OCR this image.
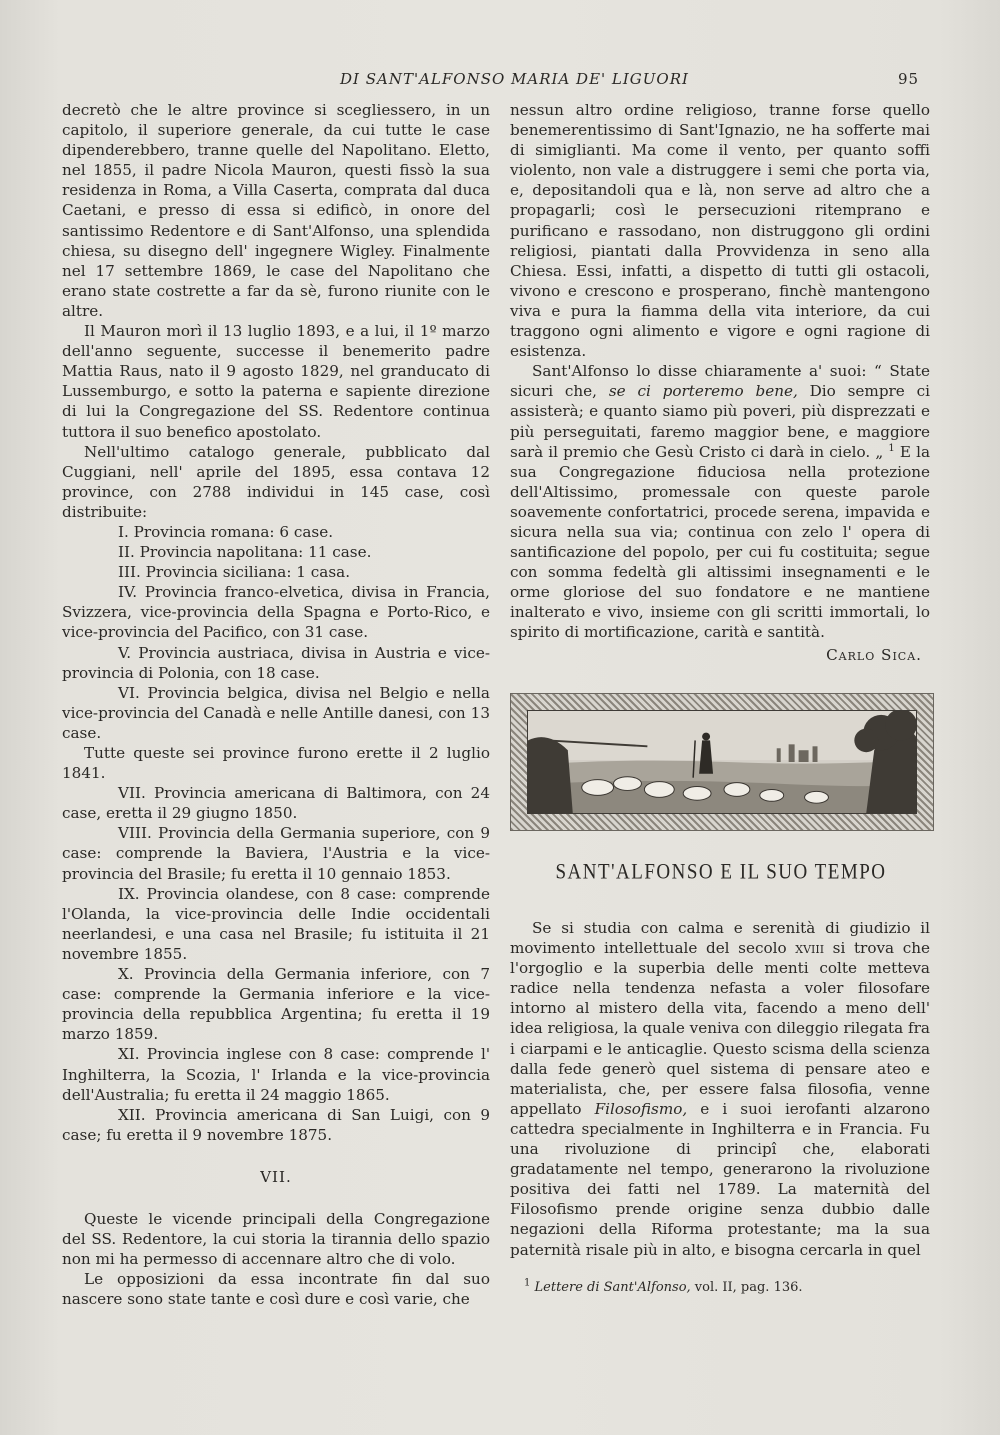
DI SANT'ALFONSO MARIA DE' LIGUORI	95

decretò che le altre province si scegliessero, in un capitolo, il superiore generale, da cui tutte le case dipenderebbero, tranne quelle del Napolitano. Eletto, nel 1855, il padre Nicola Mauron, questi fissò la sua residenza in Roma, a Villa Caserta, comprata dal duca Caetani, e presso di essa si edificò, in onore del santissimo Redentore e di Sant'Alfonso, una splendida chiesa, su disegno dell' ingegnere Wigley. Finalmente nel 17 settembre 1869, le case del Napolitano che erano state costrette a far da sè, furono riunite con le altre.

Il Mauron morì il 13 luglio 1893, e a lui, il 1º marzo dell'anno seguente, successe il benemerito padre Mattia Raus, nato il 9 agosto 1829, nel granducato di Lussemburgo, e sotto la paterna e sapiente direzione di lui la Congregazione del SS. Redentore continua tuttora il suo benefico apostolato.

Nell'ultimo catalogo generale, pubblicato dal Cuggiani, nell' aprile del 1895, essa contava 12 province, con 2788 individui in 145 case, così distribuite:

I. Provincia romana: 6 case.

II. Provincia napolitana: 11 case.

III. Provincia siciliana: 1 casa.

IV. Provincia franco-elvetica, divisa in Francia, Svizzera, vice-provincia della Spagna e Porto-Rico, e vice-provincia del Pacifico, con 31 case.

V. Provincia austriaca, divisa in Austria e vice-provincia di Polonia, con 18 case.

VI. Provincia belgica, divisa nel Belgio e nella vice-provincia del Canadà e nelle Antille danesi, con 13 case.

Tutte queste sei province furono erette il 2 luglio 1841.

VII. Provincia americana di Baltimora, con 24 case, eretta il 29 giugno 1850.

VIII. Provincia della Germania superiore, con 9 case: comprende la Baviera, l'Austria e la vice-provincia del Brasile; fu eretta il 10 gennaio 1853.

IX. Provincia olandese, con 8 case: comprende l'Olanda, la vice-provincia delle Indie occidentali neerlandesi, e una casa nel Brasile; fu istituita il 21 novembre 1855.

X. Provincia della Germania inferiore, con 7 case: comprende la Germania inferiore e la vice-provincia della repubblica Argentina; fu eretta il 19 marzo 1859.

XI. Provincia inglese con 8 case: comprende l' Inghilterra, la Scozia, l' Irlanda e la vice-provincia dell'Australia; fu eretta il 24 maggio 1865.

XII. Provincia americana di San Luigi, con 9 case; fu eretta il 9 novembre 1875.

VII.

Queste le vicende principali della Congregazione del SS. Redentore, la cui storia la tirannia dello spazio non mi ha permesso di accennare altro che di volo.

Le opposizioni da essa incontrate fin dal suo nascere sono state tante e così dure e così varie, che

nessun altro ordine religioso, tranne forse quello benemerentissimo di Sant'Ignazio, ne ha sofferte mai di simiglianti. Ma come il vento, per quanto soffi violento, non vale a distruggere i semi che porta via, e, depositandoli qua e là, non serve ad altro che a propagarli; così le persecuzioni ritemprano e purificano e rassodano, non distruggono gli ordini religiosi, piantati dalla Provvidenza in seno alla Chiesa. Essi, infatti, a dispetto di tutti gli ostacoli, vivono e crescono e prosperano, finchè mantengono viva e pura la fiamma della vita interiore, da cui traggono ogni alimento e vigore e ogni ragione di esistenza.

Sant'Alfonso lo disse chiaramente a' suoi: “ State sicuri che, se ci porteremo bene, Dio sempre ci assisterà; e quanto siamo più poveri, più disprezzati e più perseguitati, faremo maggior bene, e maggiore sarà il premio che Gesù Cristo ci darà in cielo. „ $^1$ E la sua Congregazione fiduciosa nella protezione dell'Altissimo, promessale con queste parole soavemente confortatrici, procede serena, impavida e sicura nella sua via; continua con zelo l' opera di santificazione del popolo, per cui fu costituita; segue con somma fedeltà gli altissimi insegnamenti e le orme gloriose del suo fondatore e ne mantiene inalterato e vivo, insieme con gli scritti immortali, lo spirito di mortificazione, carità e santità.

Carlo Sica.
SANT'ALFONSO E IL SUO TEMPO

Se si studia con calma e serenità di giudizio il movimento intellettuale del secolo xviii si trova che l'orgoglio e la superbia delle menti colte metteva radice nella tendenza nefasta a voler filosofare intorno al mistero della vita, facendo a meno dell' idea religiosa, la quale veniva con dileggio rilegata fra i ciarpami e le anticaglie. Questo scisma della scienza dalla fede generò quel sistema di pensare ateo e materialista, che, per essere falsa filosofia, venne appellato Filosofismo, e i suoi ierofanti alzarono cattedra specialmente in Inghilterra e in Francia. Fu una rivoluzione di principî che, elaborati gradatamente nel tempo, generarono la rivoluzione positiva dei fatti nel 1789. La maternità del Filosofismo prende origine senza dubbio dalle negazioni della Riforma protestante; ma la sua paternità risale più in alto, e bisogna cercarla in quel

$^1$ Lettere di Sant'Alfonso, vol. II, pag. 136.
